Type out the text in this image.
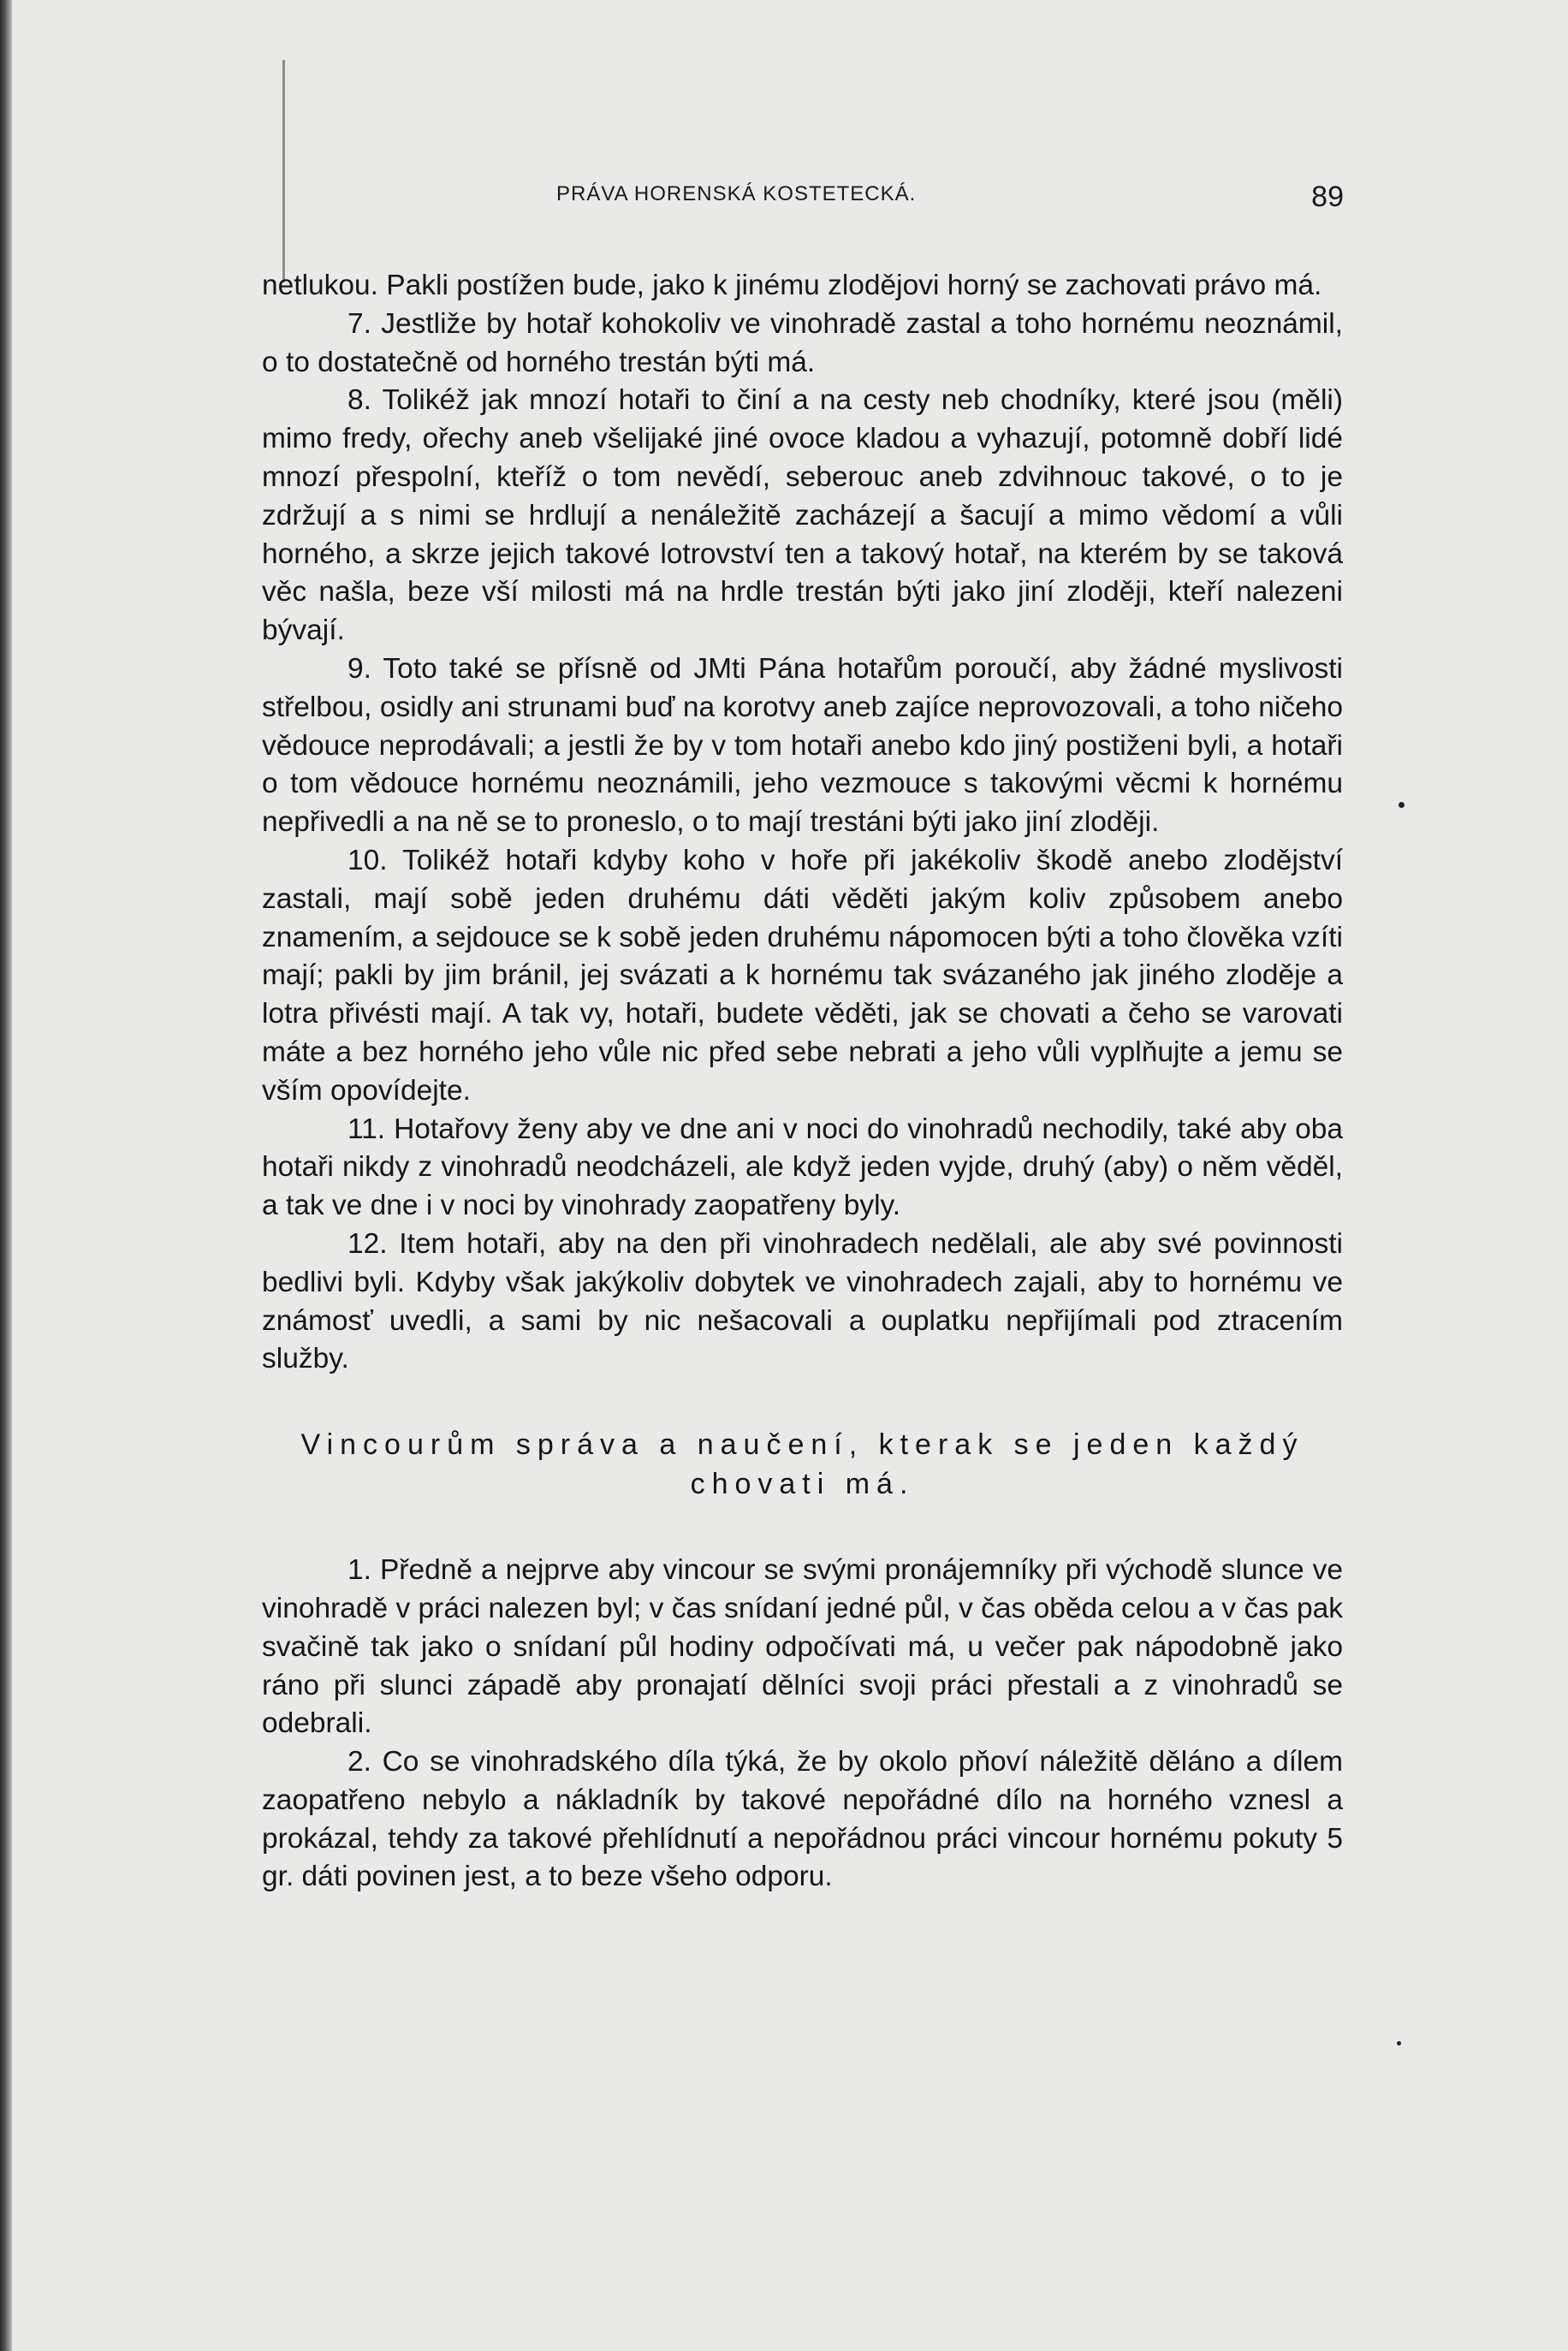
PRÁVA HORENSKÁ KOSTETECKÁ.	89

netlukou. Pakli postížen bude, jako k jinému zlodějovi horný se zachovati právo má.

7. Jestliže by hotař kohokoliv ve vinohradě zastal a toho hornému neoznámil, o to dostatečně od horného trestán býti má.

8. Tolikéž jak mnozí hotaři to činí a na cesty neb chodníky, které jsou (měli) mimo fredy, ořechy aneb všelijaké jiné ovoce kladou a vyhazují, potomně dobří lidé mnozí přespolní, kteříž o tom nevědí, seberouc aneb zdvihnouc takové, o to je zdržují a s nimi se hrdlují a nenáležitě zacházejí a šacují a mimo vědomí a vůli horného, a skrze jejich takové lotrovství ten a takový hotař, na kterém by se taková věc našla, beze vší milosti má na hrdle trestán býti jako jiní zloději, kteří nalezeni bývají.

9. Toto také se přísně od JMti Pána hotařům poroučí, aby žádné myslivosti střelbou, osidly ani strunami buď na korotvy aneb zajíce neprovozovali, a toho ničeho vědouce neprodávali; a jestli že by v tom hotaři anebo kdo jiný postiženi byli, a hotaři o tom vědouce hornému neoznámili, jeho vezmouce s takovými věcmi k hornému nepřivedli a na ně se to proneslo, o to mají trestáni býti jako jiní zloději.

10. Tolikéž hotaři kdyby koho v hoře při jakékoliv škodě anebo zlodějství zastali, mají sobě jeden druhému dáti věděti jakým koliv způsobem anebo znamením, a sejdouce se k sobě jeden druhému nápomocen býti a toho člověka vzíti mají; pakli by jim bránil, jej svázati a k hornému tak svázaného jak jiného zloděje a lotra přivésti mají. A tak vy, hotaři, budete věděti, jak se chovati a čeho se varovati máte a bez horného jeho vůle nic před sebe nebrati a jeho vůli vyplňujte a jemu se vším opovídejte.

11. Hotařovy ženy aby ve dne ani v noci do vinohradů nechodily, také aby oba hotaři nikdy z vinohradů neodcházeli, ale když jeden vyjde, druhý (aby) o něm věděl, a tak ve dne i v noci by vinohrady zaopatřeny byly.

12. Item hotaři, aby na den při vinohradech nedělali, ale aby své povinnosti bedlivi byli. Kdyby však jakýkoliv dobytek ve vinohradech zajali, aby to hornému ve známosť uvedli, a sami by nic nešacovali a ouplatku nepřijímali pod ztracením služby.

Vincourům správa a naučení, kterak se jeden každý chovati má.

1. Předně a nejprve aby vincour se svými pronájemníky při východě slunce ve vinohradě v práci nalezen byl; v čas snídaní jedné půl, v čas oběda celou a v čas pak svačině tak jako o snídaní půl hodiny odpočívati má, u večer pak nápodobně jako ráno při slunci západě aby pronajatí dělníci svoji práci přestali a z vinohradů se odebrali.

2. Co se vinohradského díla týká, že by okolo pňoví náležitě děláno a dílem zaopatřeno nebylo a nákladník by takové nepořádné dílo na horného vznesl a prokázal, tehdy za takové přehlídnutí a nepořádnou práci vincour hornému pokuty 5 gr. dáti povinen jest, a to beze všeho odporu.
